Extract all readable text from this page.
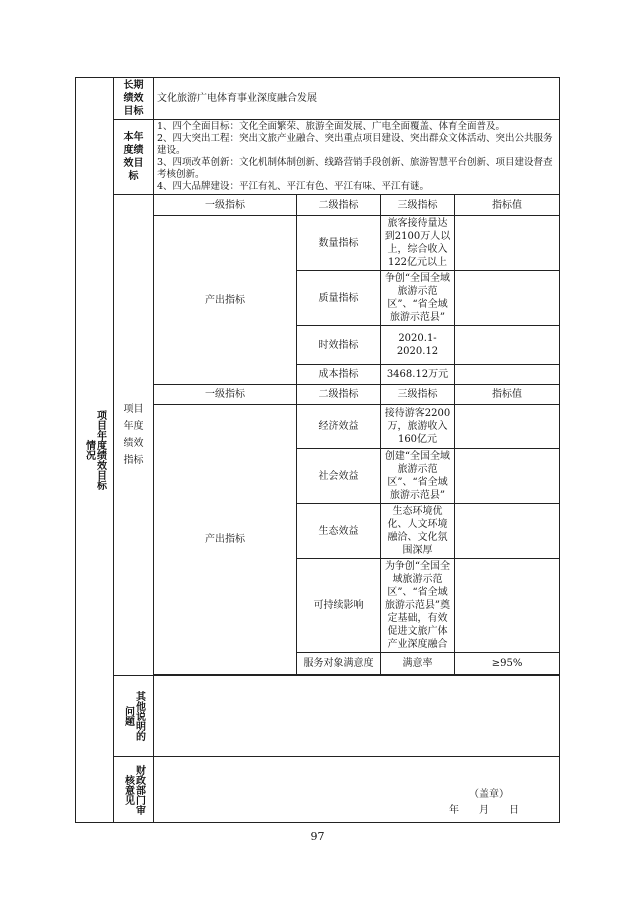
项目年度绩效目标情况	长期绩效目标	文化旅游广电体育事业深度融合发展			

	本年度绩效目标	1、四个全面目标：文化全面繁荣、旅游全面发展、广电全面覆盖、体育全面普及。
2、四大突出工程：突出文旅产业融合、突出重点项目建设、突出群众文体活动、突出公共服务建设。
3、四项改革创新：文化机制体制创新、线路营销手段创新、旅游智慧平台创新、项目建设督查考核创新。
4、四大品牌建设：平江有礼、平江有色、平江有味、平江有谜。			

	项目年度绩效指标	一级指标	二级指标	三级指标	指标值
		产出指标	数量指标	旅客接待量达到2100万人以上，综合收入122亿元以上	

			质量指标	争创“全国全域旅游示范区”、“省全域旅游示范县”	

			时效指标	2020.1-2020.12	
			成本指标	3468.12万元	
		一级指标	二级指标	三级指标	指标值
		产出指标	经济效益	接待游客2200万，旅游收入160亿元	

			社会效益	创建“全国全域旅游示范区”、“省全域旅游示范县”	

			生态效益	生态环境优化、人文环境融洽、文化氛围深厚	

			可持续影响	为争创“全国全域旅游示范区”、“省全域旅游示范县”奠定基础，有效促进文旅广体产业深度融合	

			服务对象满意度	满意率	≥95%

	其他说明的问题				

	财政部门审核意见	（盖章）
年　　月　　日			
97
